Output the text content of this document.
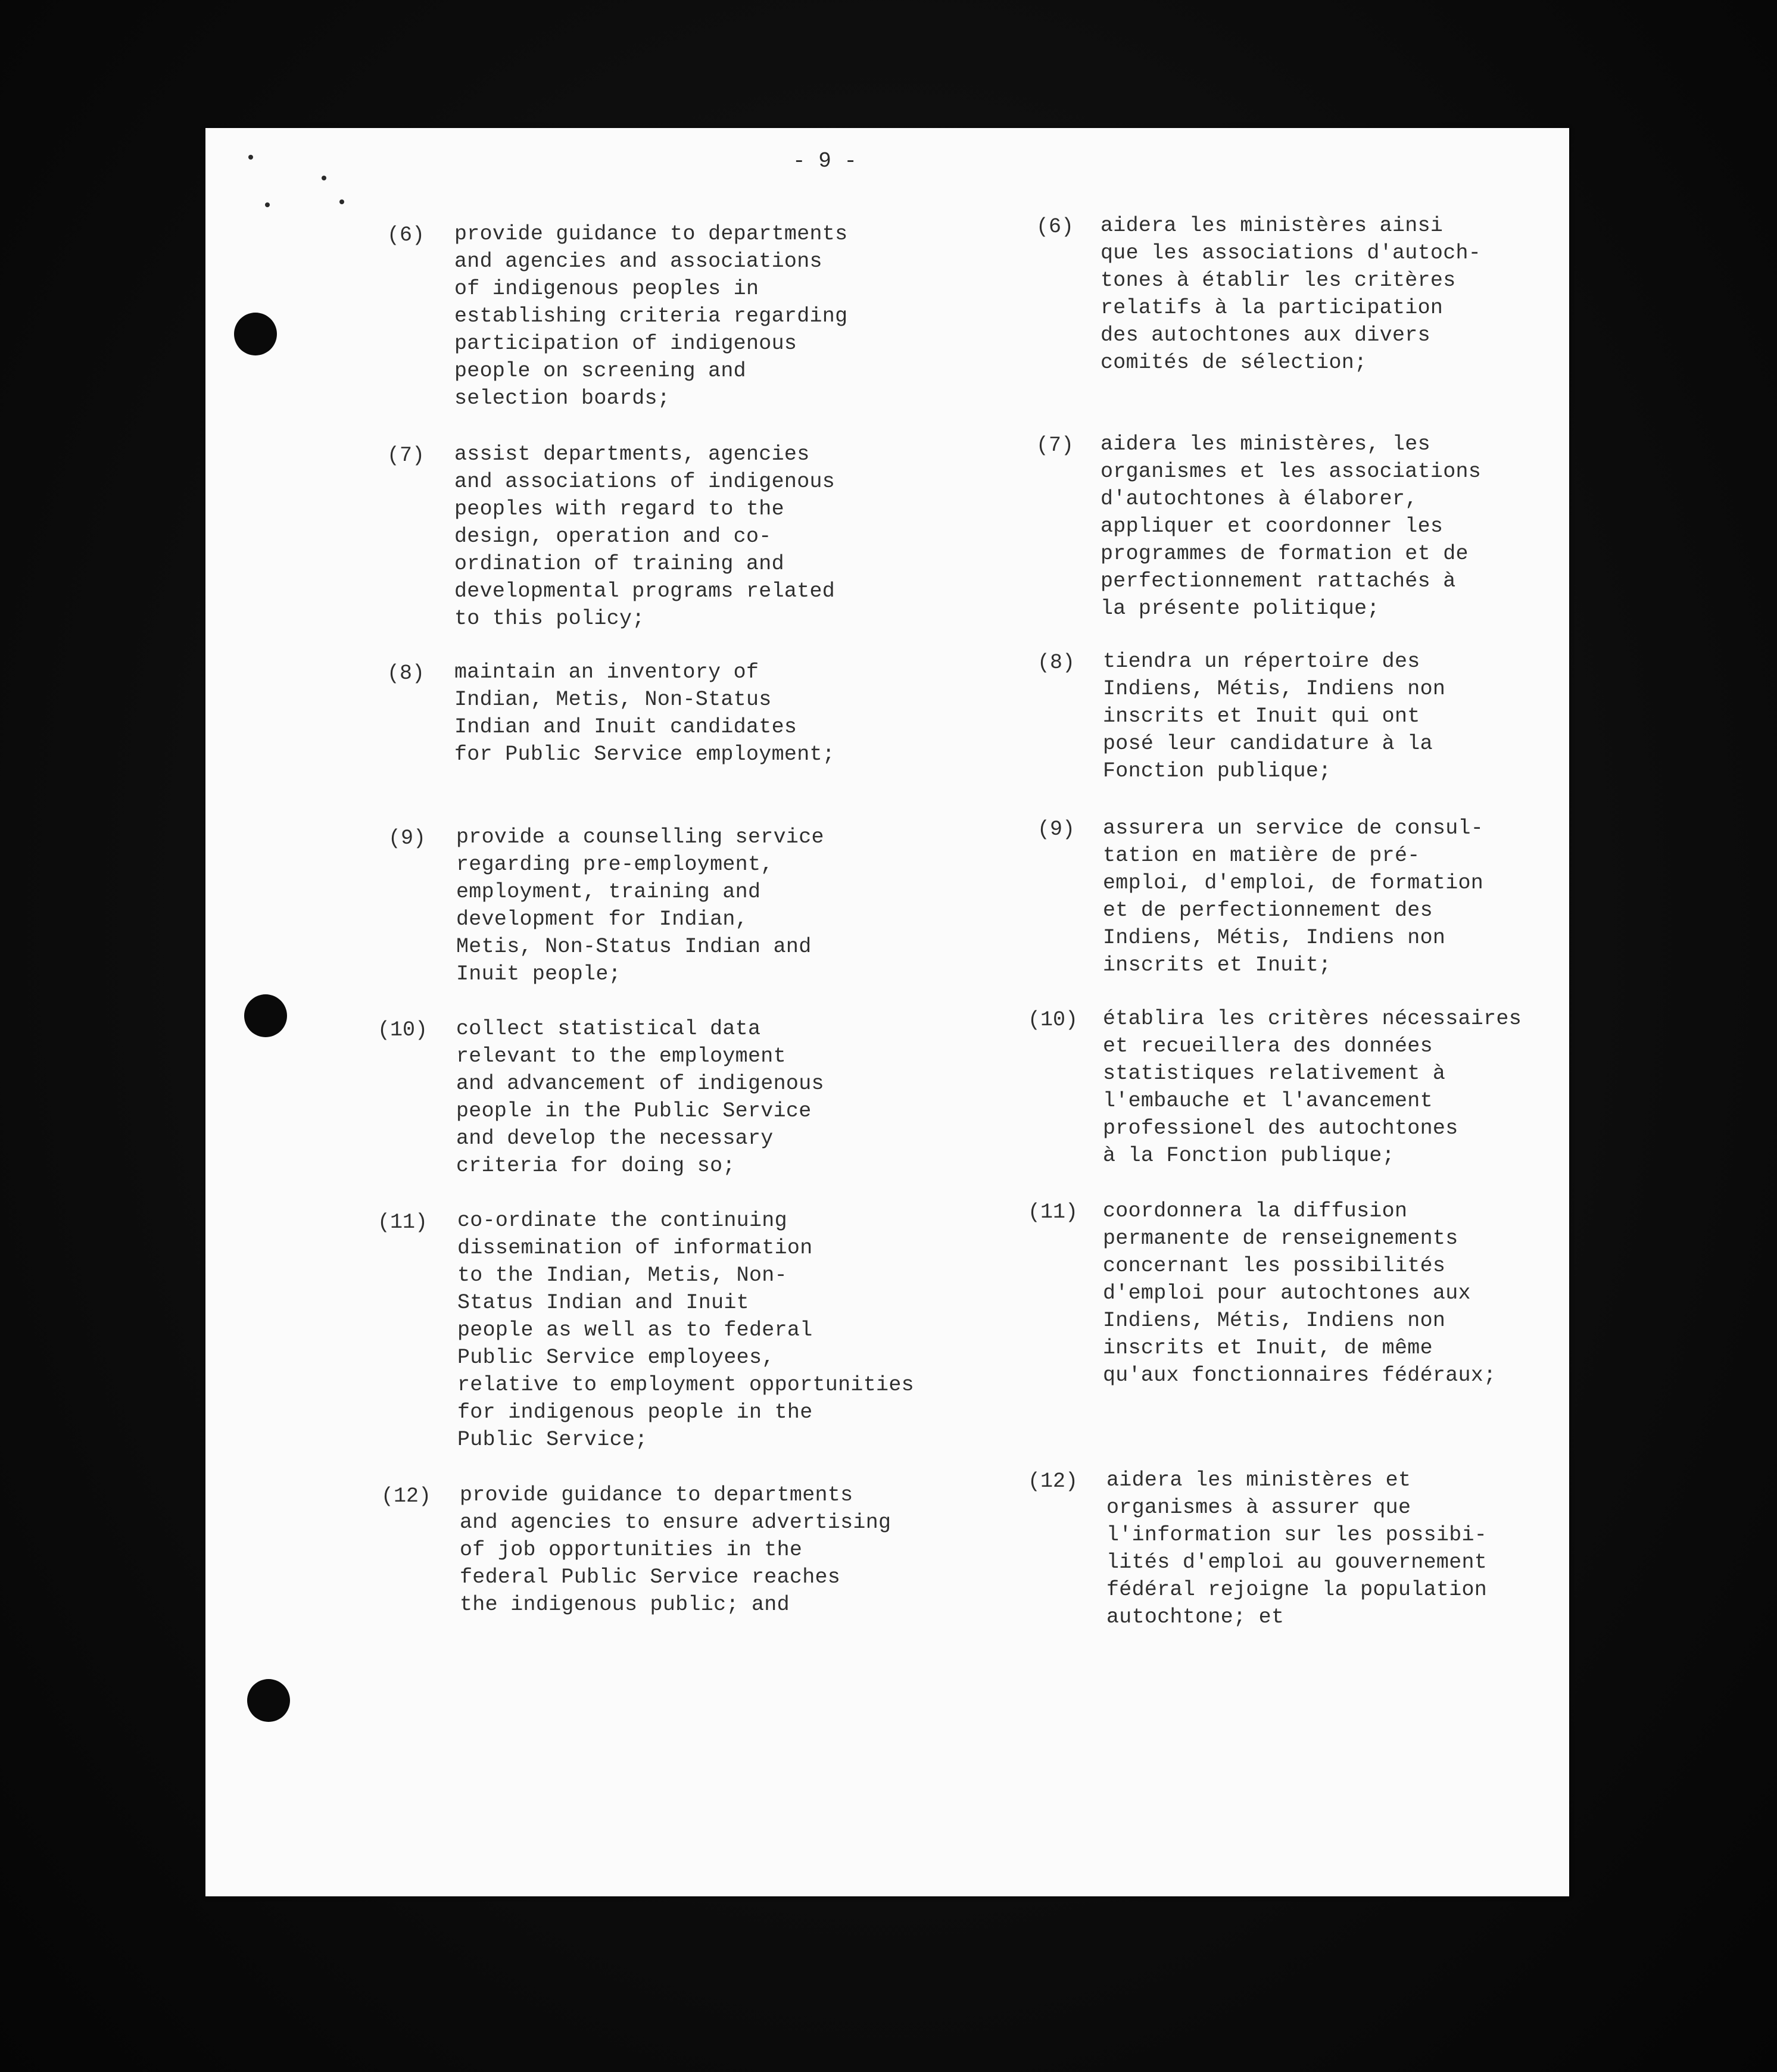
- 9 -
(6) provide guidance to departments
and agencies and associations
of indigenous peoples in
establishing criteria regarding
participation of indigenous
people on screening and
selection boards;
(7) assist departments, agencies
and associations of indigenous
peoples with regard to the
design, operation and co-
ordination of training and
developmental programs related
to this policy;
(8) maintain an inventory of
Indian, Metis, Non-Status
Indian and Inuit candidates
for Public Service employment;
(9) provide a counselling service
regarding pre-employment,
employment, training and
development for Indian,
Metis, Non-Status Indian and
Inuit people;
(10) collect statistical data
relevant to the employment
and advancement of indigenous
people in the Public Service
and develop the necessary
criteria for doing so;
(11) co-ordinate the continuing
dissemination of information
to the Indian, Metis, Non-
Status Indian and Inuit
people as well as to federal
Public Service employees,
relative to employment opportunities
for indigenous people in the
Public Service;
(12) provide guidance to departments
and agencies to ensure advertising
of job opportunities in the
federal Public Service reaches
the indigenous public; and
(6) aidera les ministères ainsi
que les associations d'autoch-
tones à établir les critères
relatifs à la participation
des autochtones aux divers
comités de sélection;
(7) aidera les ministères, les
organismes et les associations
d'autochtones à élaborer,
appliquer et coordonner les
programmes de formation et de
perfectionnement rattachés à
la présente politique;
(8) tiendra un répertoire des
Indiens, Métis, Indiens non
inscrits et Inuit qui ont
posé leur candidature à la
Fonction publique;
(9) assurera un service de consul-
tation en matière de pré-
emploi, d'emploi, de formation
et de perfectionnement des
Indiens, Métis, Indiens non
inscrits et Inuit;
(10) établira les critères nécessaires
et recueillera des données
statistiques relativement à
l'embauche et l'avancement
professionel des autochtones
à la Fonction publique;
(11) coordonnera la diffusion
permanente de renseignements
concernant les possibilités
d'emploi pour autochtones aux
Indiens, Métis, Indiens non
inscrits et Inuit, de même
qu'aux fonctionnaires fédéraux;
(12) aidera les ministères et
organismes à assurer que
l'information sur les possibi-
lités d'emploi au gouvernement
fédéral rejoigne la population
autochtone; et
